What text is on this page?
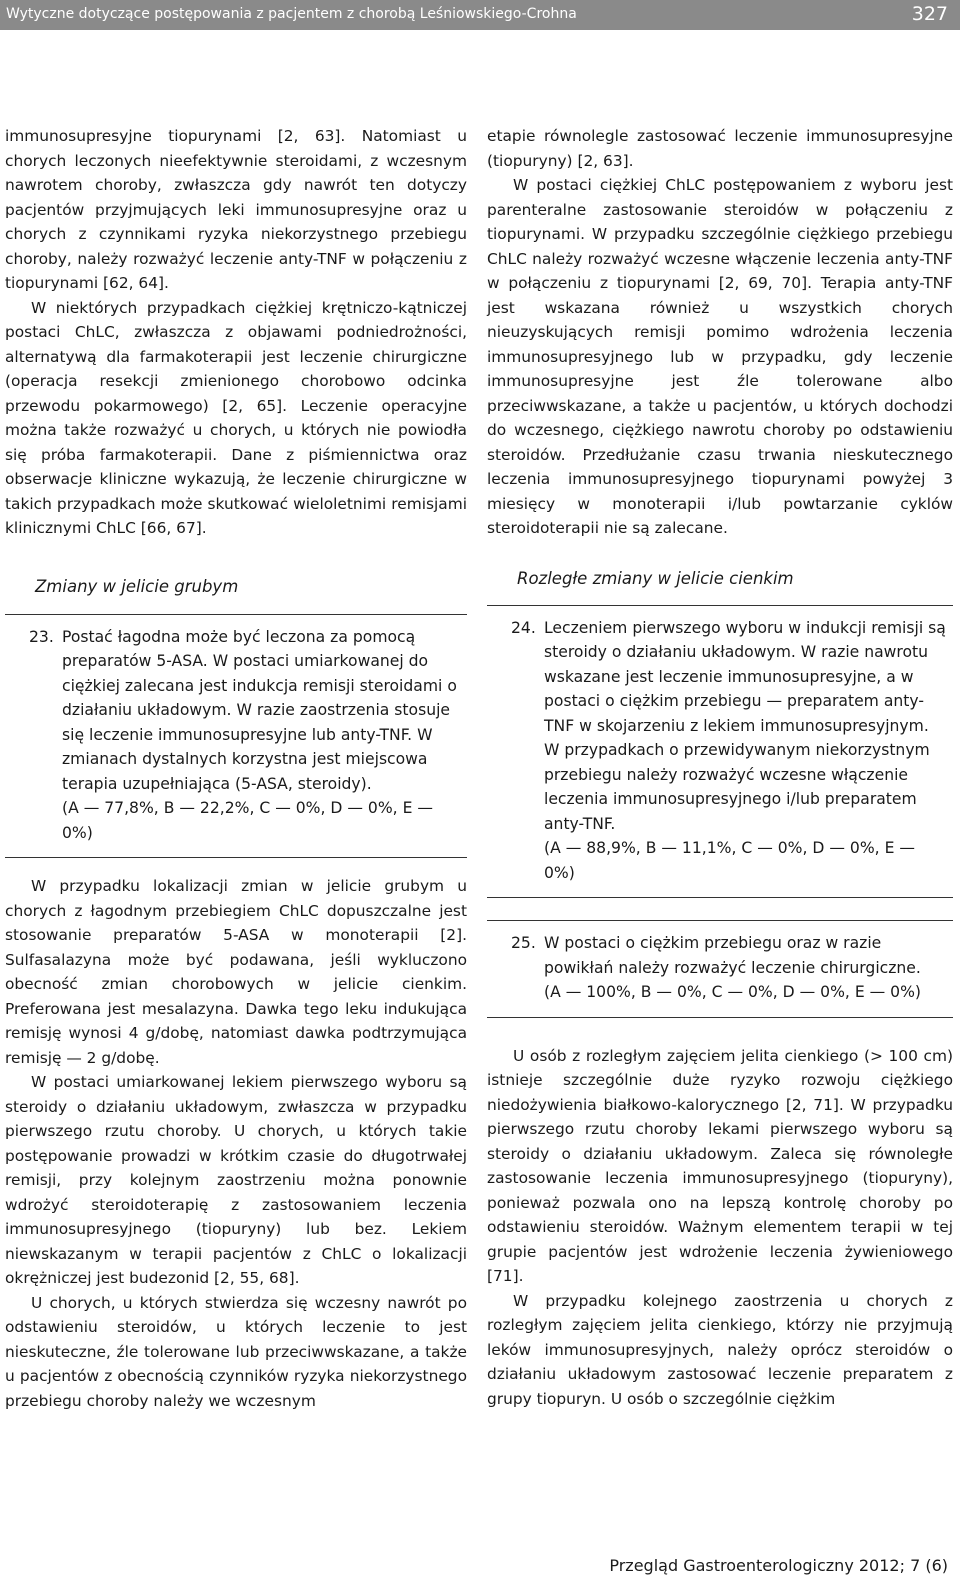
Wytyczne dotyczące postępowania z pacjentem z chorobą Leśniowskiego-Crohna	327

immunosupresyjne tiopurynami [2, 63]. Natomiast u chorych leczonych nieefektywnie steroidami, z wczesnym nawrotem choroby, zwłaszcza gdy nawrót ten dotyczy pacjentów przyjmujących leki immunosupresyjne oraz u chorych z czynnikami ryzyka niekorzystnego przebiegu choroby, należy rozważyć leczenie anty-TNF w połączeniu z tiopurynami [62, 64].

W niektórych przypadkach ciężkiej krętniczo-kątniczej postaci ChLC, zwłaszcza z objawami podniedrożności, alternatywą dla farmakoterapii jest leczenie chirurgiczne (operacja resekcji zmienionego chorobowo odcinka przewodu pokarmowego) [2, 65]. Leczenie operacyjne można także rozważyć u chorych, u których nie powiodła się próba farmakoterapii. Dane z piśmiennictwa oraz obserwacje kliniczne wykazują, że leczenie chirurgiczne w takich przypadkach może skutkować wieloletnimi remisjami klinicznymi ChLC [66, 67].

Zmiany w jelicie grubym
23. Postać łagodna może być leczona za pomocą preparatów 5-ASA. W postaci umiarkowanej do ciężkiej zalecana jest indukcja remisji steroidami o działaniu układowym. W razie zaostrzenia stosuje się leczenie immunosupresyjne lub anty-TNF. W zmianach dystalnych korzystna jest miejscowa terapia uzupełniająca (5-ASA, steroidy).
(A — 77,8%, B — 22,2%, C — 0%, D — 0%, E — 0%)

W przypadku lokalizacji zmian w jelicie grubym u chorych z łagodnym przebiegiem ChLC dopuszczalne jest stosowanie preparatów 5-ASA w monoterapii [2]. Sulfasalazyna może być podawana, jeśli wykluczono obecność zmian chorobowych w jelicie cienkim. Preferowana jest mesalazyna. Dawka tego leku indukująca remisję wynosi 4 g/dobę, natomiast dawka podtrzymująca remisję — 2 g/dobę.

W postaci umiarkowanej lekiem pierwszego wyboru są steroidy o działaniu układowym, zwłaszcza w przypadku pierwszego rzutu choroby. U chorych, u których takie postępowanie prowadzi w krótkim czasie do długotrwałej remisji, przy kolejnym zaostrzeniu można ponownie wdrożyć steroidoterapię z zastosowaniem leczenia immunosupresyjnego (tiopuryny) lub bez. Lekiem niewskazanym w terapii pacjentów z ChLC o lokalizacji okrężniczej jest budezonid [2, 55, 68].

U chorych, u których stwierdza się wczesny nawrót po odstawieniu steroidów, u których leczenie to jest nieskuteczne, źle tolerowane lub przeciwwskazane, a także u pacjentów z obecnością czynników ryzyka niekorzystnego przebiegu choroby należy we wczesnym

etapie równolegle zastosować leczenie immunosupresyjne (tiopuryny) [2, 63].

W postaci ciężkiej ChLC postępowaniem z wyboru jest parenteralne zastosowanie steroidów w połączeniu z tiopurynami. W przypadku szczególnie ciężkiego przebiegu ChLC należy rozważyć wczesne włączenie leczenia anty-TNF w połączeniu z tiopurynami [2, 69, 70]. Terapia anty-TNF jest wskazana również u wszystkich chorych nieuzyskujących remisji pomimo wdrożenia leczenia immunosupresyjnego lub w przypadku, gdy leczenie immunosupresyjne jest źle tolerowane albo przeciwwskazane, a także u pacjentów, u których dochodzi do wczesnego, ciężkiego nawrotu choroby po odstawieniu steroidów. Przedłużanie czasu trwania nieskutecznego leczenia immunosupresyjnego tiopurynami powyżej 3 miesięcy w monoterapii i/lub powtarzanie cyklów steroidoterapii nie są zalecane.

Rozległe zmiany w jelicie cienkim
24. Leczeniem pierwszego wyboru w indukcji remisji są steroidy o działaniu układowym. W razie nawrotu wskazane jest leczenie immunosupresyjne, a w postaci o ciężkim przebiegu — preparatem anty-TNF w skojarzeniu z lekiem immunosupresyjnym. W przypadkach o przewidywanym niekorzystnym przebiegu należy rozważyć wczesne włączenie leczenia immunosupresyjnego i/lub preparatem anty-TNF.
(A — 88,9%, B — 11,1%, C — 0%, D — 0%, E — 0%)
25. W postaci o ciężkim przebiegu oraz w razie powikłań należy rozważyć leczenie chirurgiczne.
(A — 100%, B — 0%, C — 0%, D — 0%, E — 0%)

U osób z rozległym zajęciem jelita cienkiego (> 100 cm) istnieje szczególnie duże ryzyko rozwoju ciężkiego niedożywienia białkowo-kalorycznego [2, 71]. W przypadku pierwszego rzutu choroby lekami pierwszego wyboru są steroidy o działaniu układowym. Zaleca się równoległe zastosowanie leczenia immunosupresyjnego (tiopuryny), ponieważ pozwala ono na lepszą kontrolę choroby po odstawieniu steroidów. Ważnym elementem terapii w tej grupie pacjentów jest wdrożenie leczenia żywieniowego [71].

W przypadku kolejnego zaostrzenia u chorych z rozległym zajęciem jelita cienkiego, którzy nie przyjmują leków immunosupresyjnych, należy oprócz steroidów o działaniu układowym zastosować leczenie preparatem z grupy tiopuryn. U osób o szczególnie ciężkim

Przegląd Gastroenterologiczny 2012; 7 (6)
